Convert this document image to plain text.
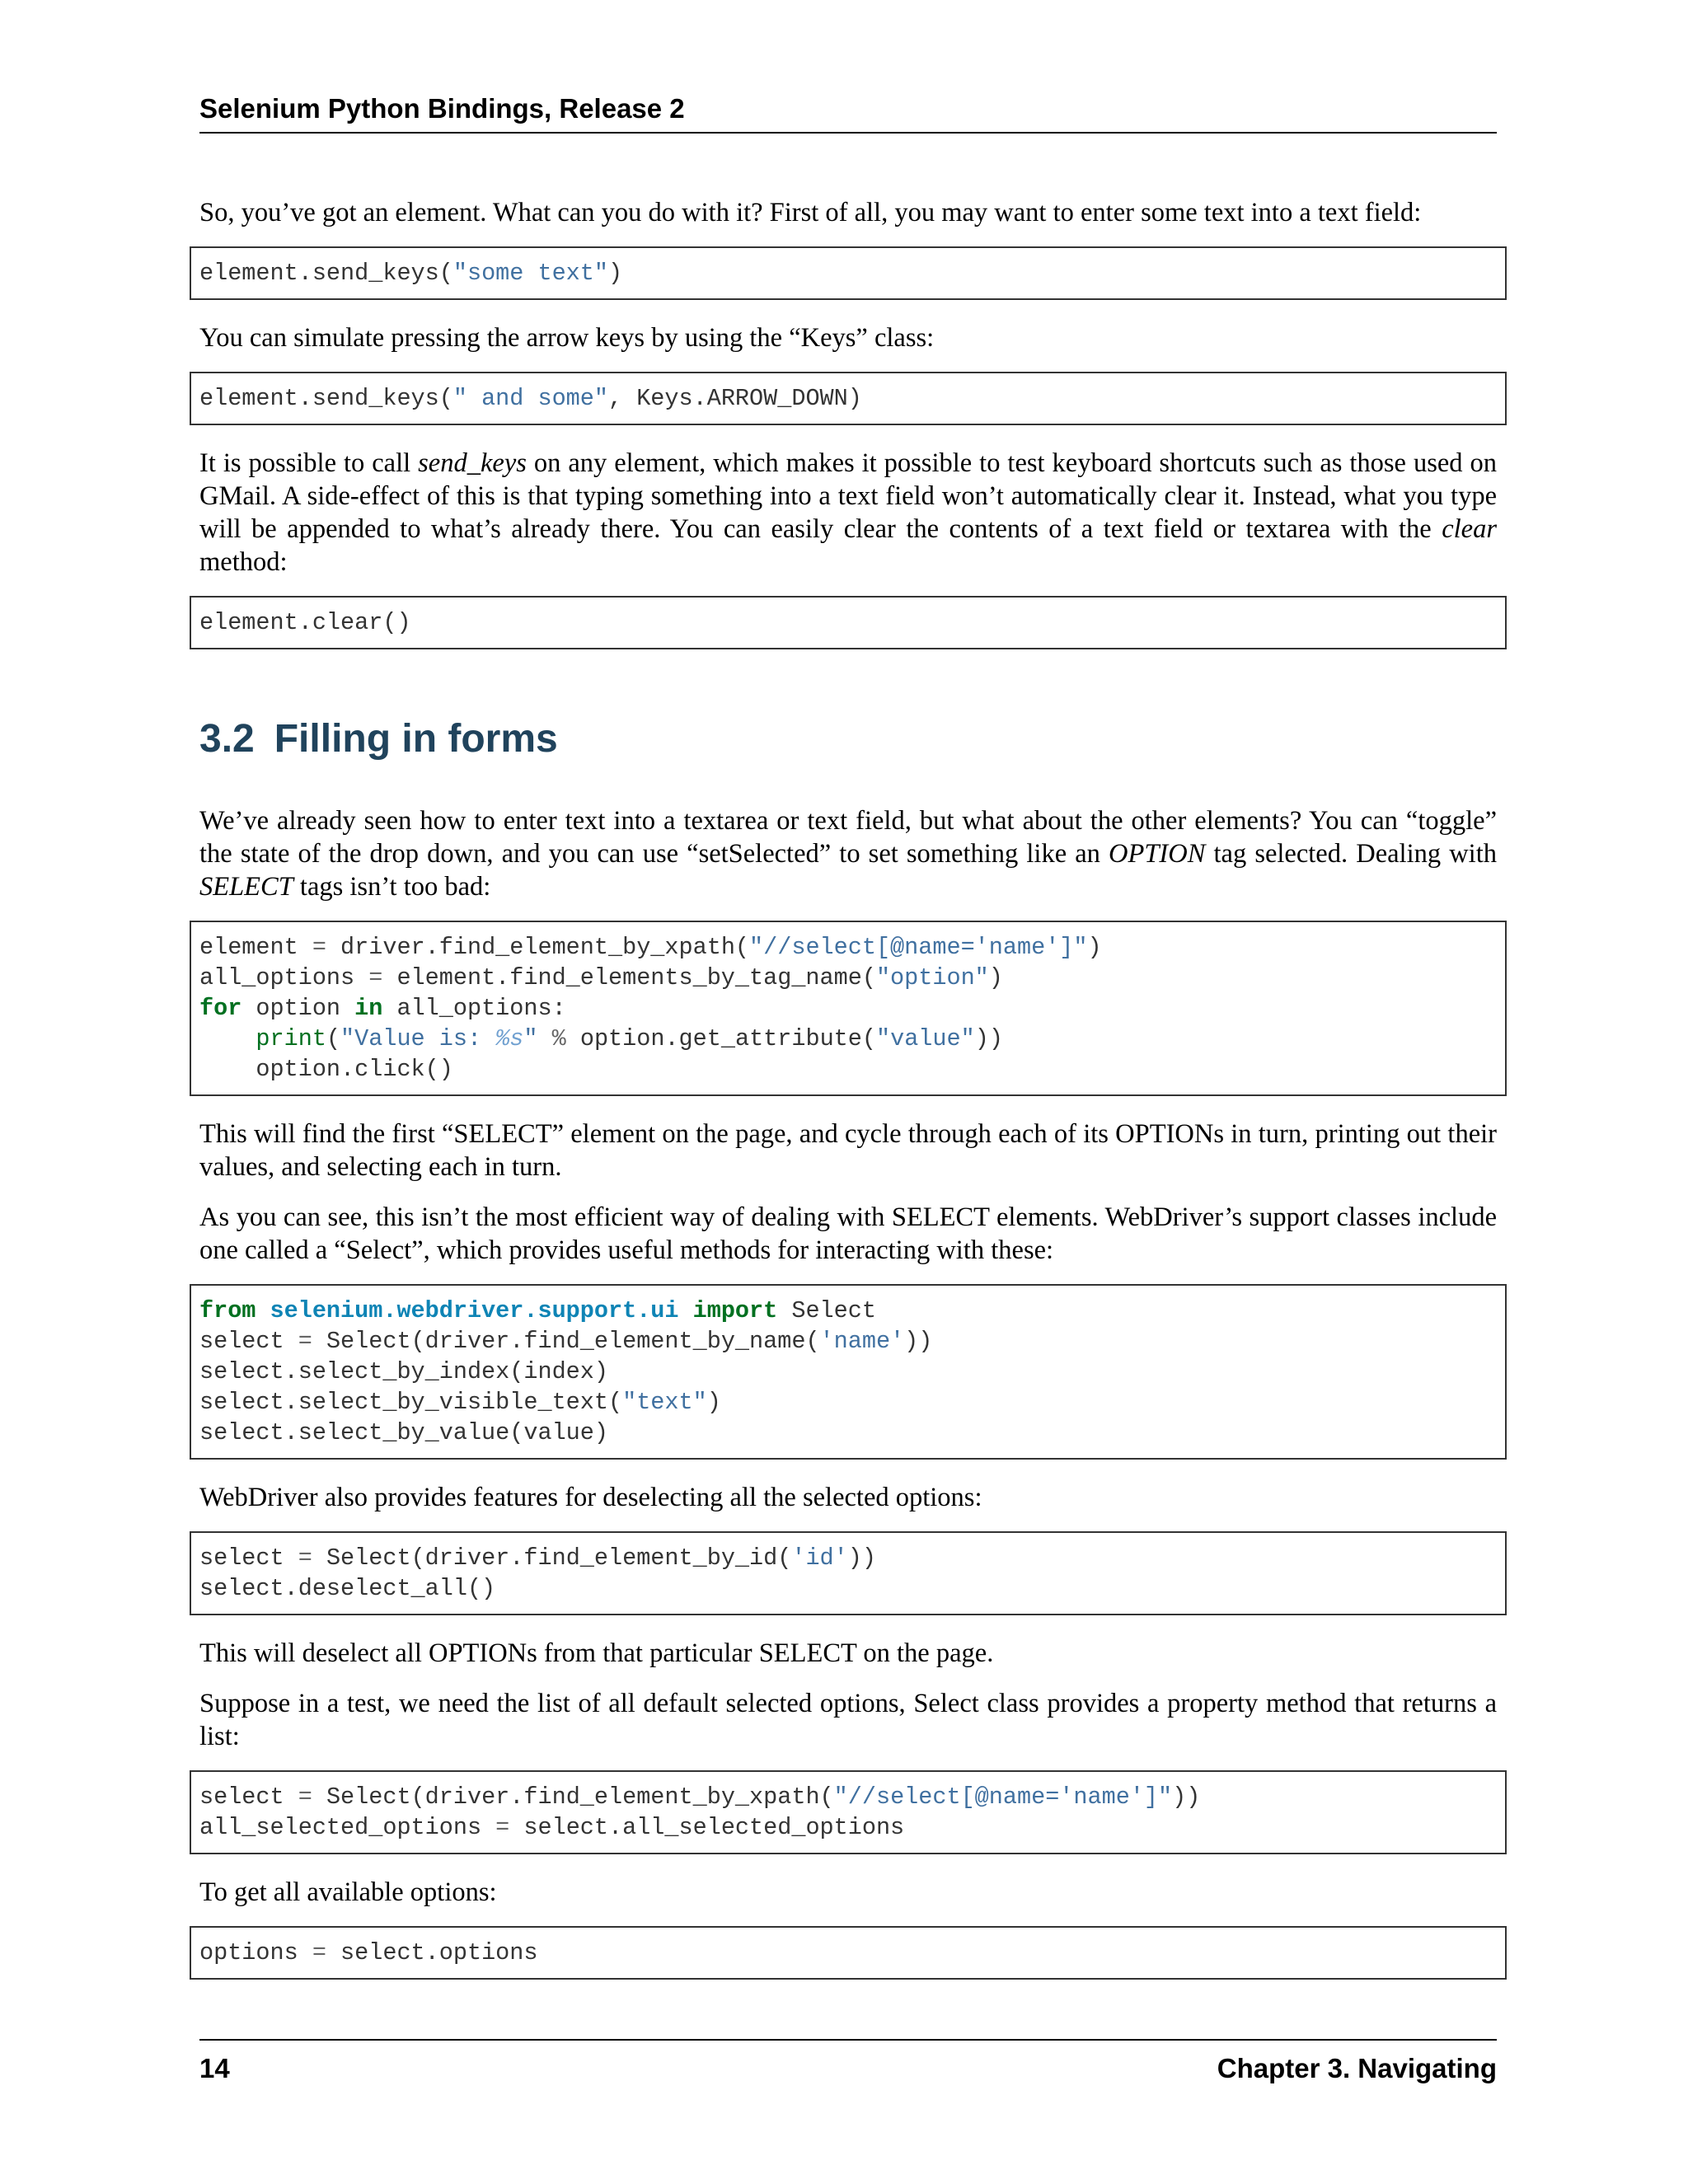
Selenium Python Bindings, Release 2

So, you’ve got an element. What can you do with it? First of all, you may want to enter some text into a text field:

element.send_keys("some text")

You can simulate pressing the arrow keys by using the “Keys” class:

element.send_keys(" and some", Keys.ARROW_DOWN)

It is possible to call send_keys on any element, which makes it possible to test keyboard shortcuts such as those used on GMail. A side-effect of this is that typing something into a text field won’t automatically clear it. Instead, what you type will be appended to what’s already there. You can easily clear the contents of a text field or textarea with the clear method:

element.clear()
3.2 Filling in forms

We’ve already seen how to enter text into a textarea or text field, but what about the other elements? You can “toggle” the state of the drop down, and you can use “setSelected” to set something like an OPTION tag selected. Dealing with SELECT tags isn’t too bad:

element = driver.find_element_by_xpath("//select[@name='name']")
all_options = element.find_elements_by_tag_name("option")
for option in all_options:
print("Value is: %s" % option.get_attribute("value"))
option.click()

This will find the first “SELECT” element on the page, and cycle through each of its OPTIONs in turn, printing out their values, and selecting each in turn.

As you can see, this isn’t the most efficient way of dealing with SELECT elements. WebDriver’s support classes include one called a “Select”, which provides useful methods for interacting with these:

from selenium.webdriver.support.ui import Select
select = Select(driver.find_element_by_name('name'))
select.select_by_index(index)
select.select_by_visible_text("text")
select.select_by_value(value)

WebDriver also provides features for deselecting all the selected options:

select = Select(driver.find_element_by_id('id'))
select.deselect_all()

This will deselect all OPTIONs from that particular SELECT on the page.

Suppose in a test, we need the list of all default selected options, Select class provides a property method that returns a list:

select = Select(driver.find_element_by_xpath("//select[@name='name']"))
all_selected_options = select.all_selected_options

To get all available options:

options = select.options
14	Chapter 3. Navigating
